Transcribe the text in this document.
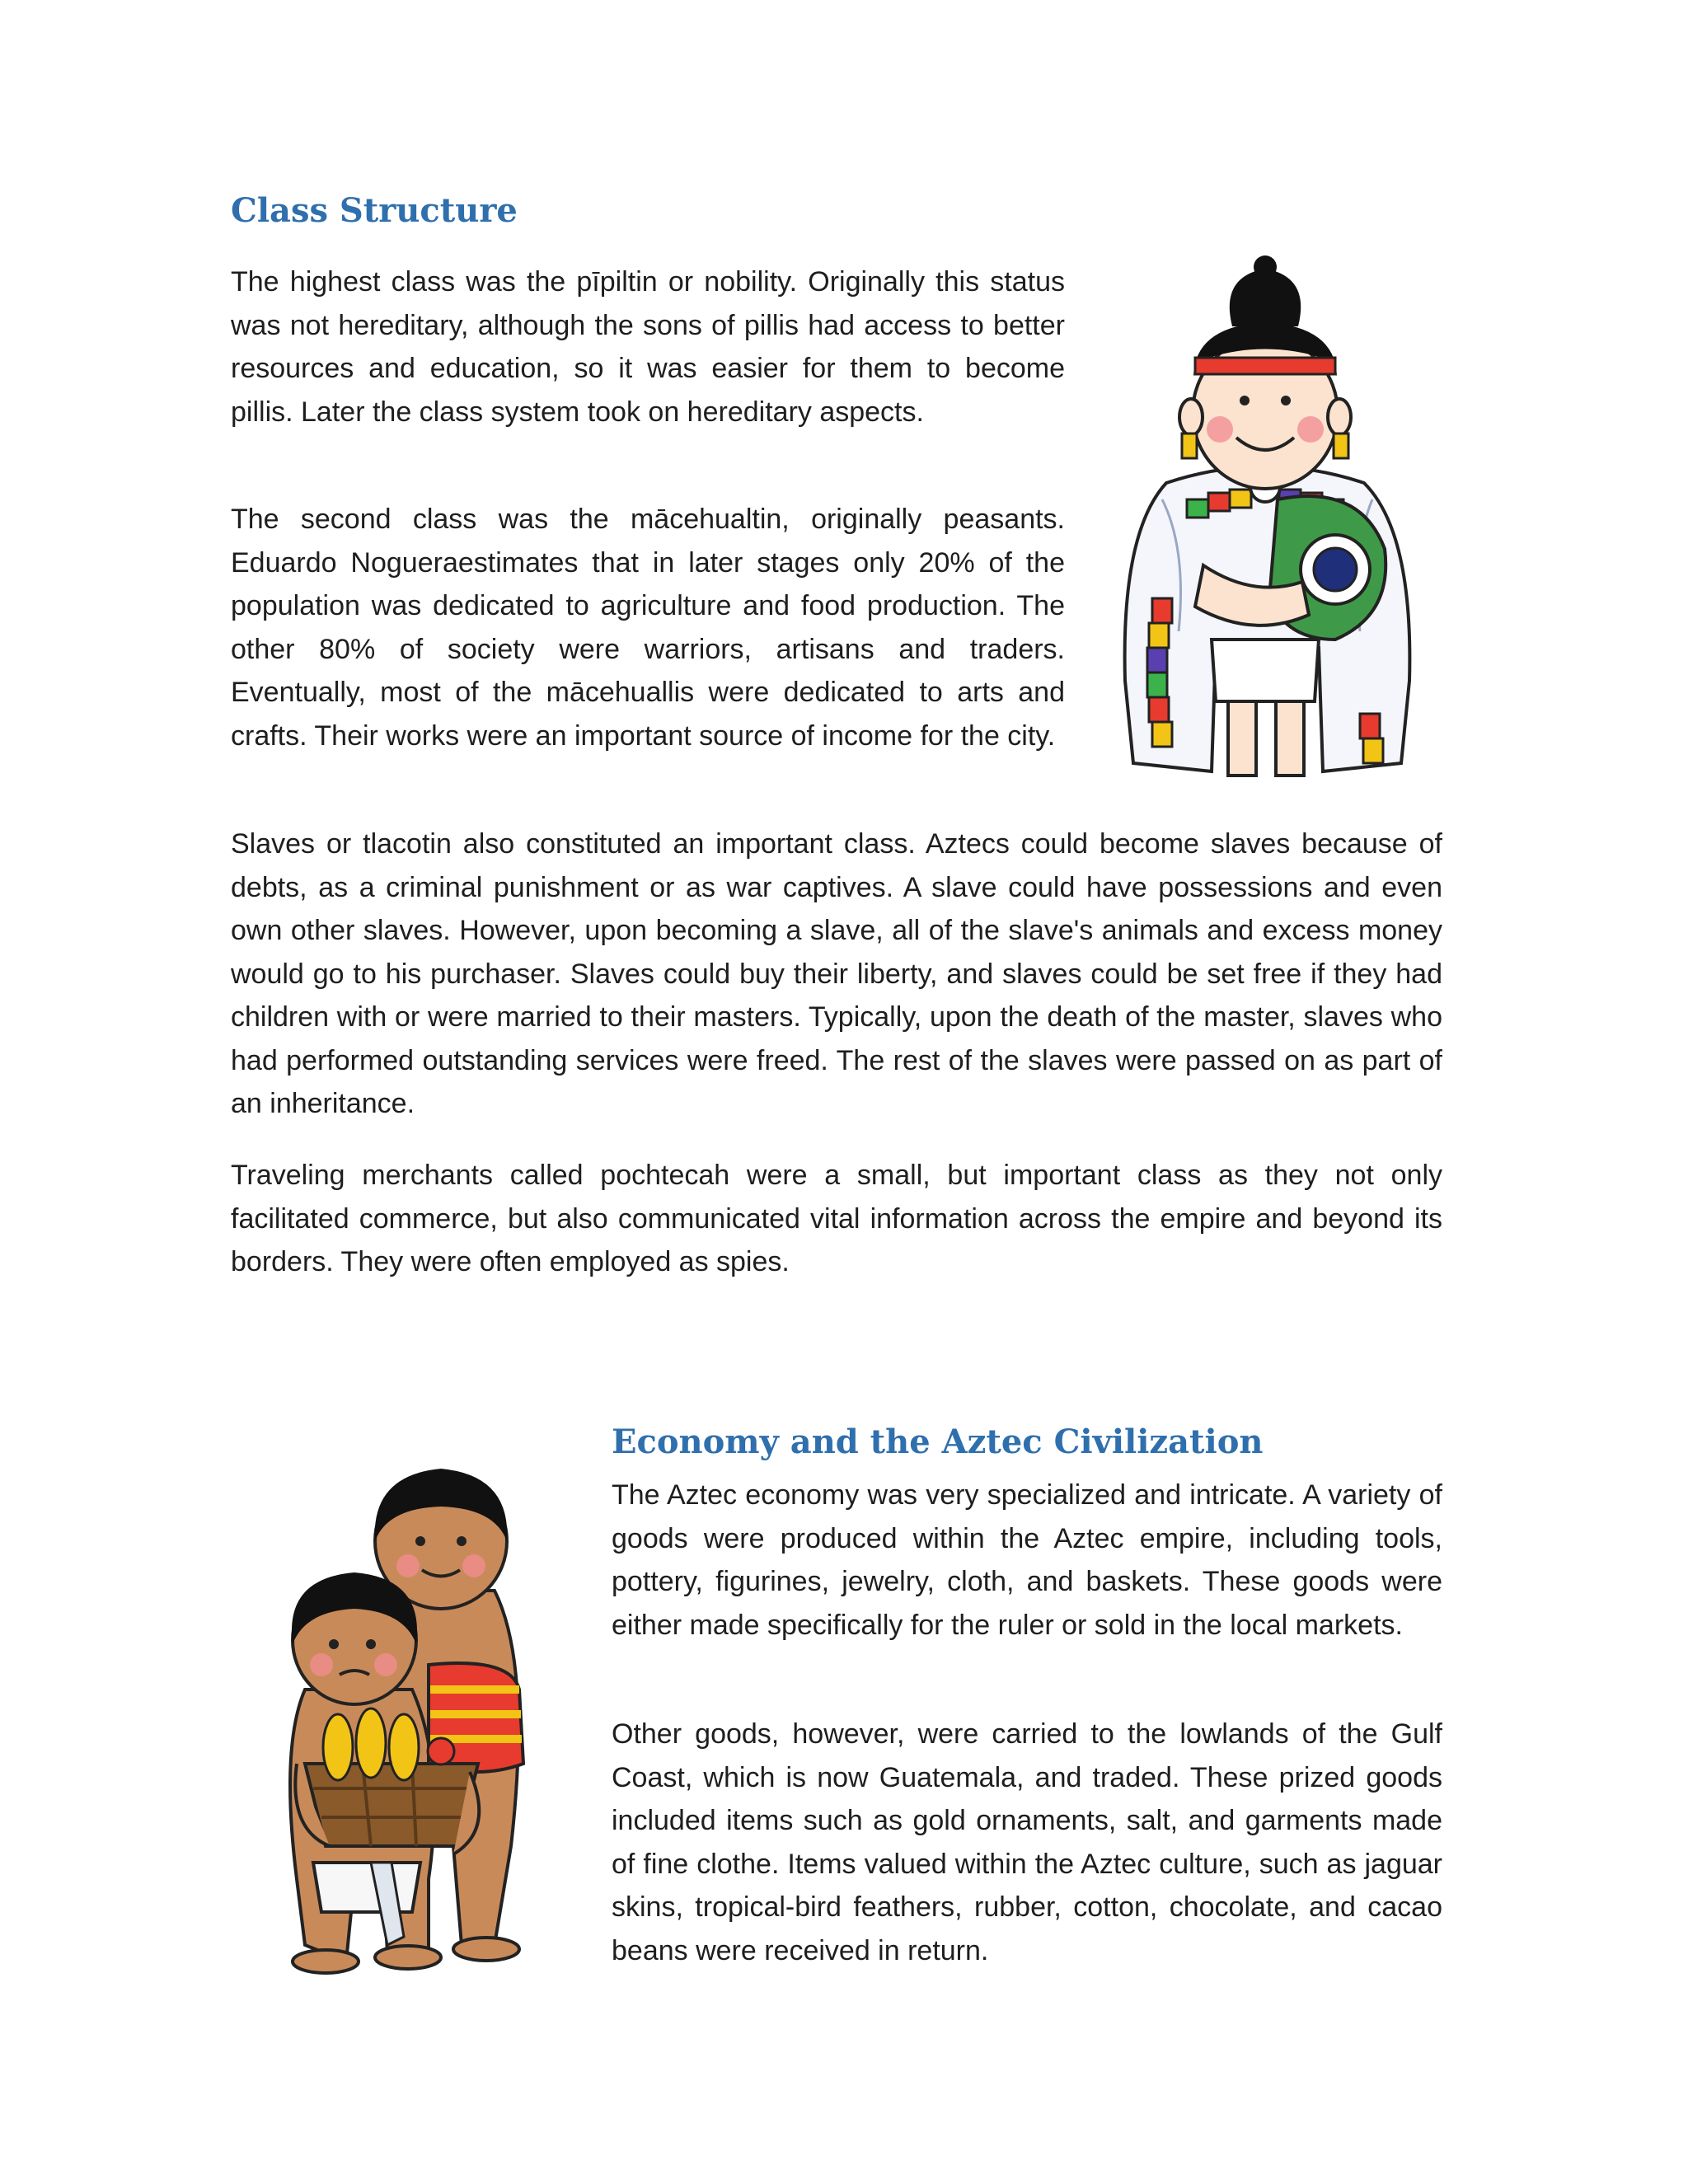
Class Structure

The highest class was the pīpiltin or nobility. Originally this status was not hereditary, although the sons of pillis had access to better resources and education, so it was easier for them to become pillis. Later the class system took on hereditary aspects.

The second class was the mācehualtin, originally peasants. Eduardo Nogueraestimates that in later stages only 20% of the population was dedicated to agriculture and food production. The other 80% of society were warriors, artisans and traders. Eventually, most of the mācehuallis were dedicated to arts and crafts. Their works were an important source of income for the city.

Slaves or tlacotin also constituted an important class. Aztecs could become slaves because of debts, as a criminal punishment or as war captives. A slave could have possessions and even own other slaves. However, upon becoming a slave, all of the slave's animals and excess money would go to his purchaser. Slaves could buy their liberty, and slaves could be set free if they had children with or were married to their masters. Typically, upon the death of the master, slaves who had performed outstanding services were freed. The rest of the slaves were passed on as part of an inheritance.

Traveling merchants called pochtecah were a small, but important class as they not only facilitated commerce, but also communicated vital information across the empire and beyond its borders. They were often employed as spies.

Economy and the Aztec Civilization

The Aztec economy was very specialized and intricate. A variety of goods were produced within the Aztec empire, including tools, pottery, figurines, jewelry, cloth, and baskets. These goods were either made specifically for the ruler or sold in the local markets.

Other goods, however, were carried to the lowlands of the Gulf Coast, which is now Guatemala, and traded. These prized goods included items such as gold ornaments, salt, and garments made of fine clothe. Items valued within the Aztec culture, such as jaguar skins, tropical-bird feathers, rubber, cotton, chocolate, and cacao beans were received in return.
